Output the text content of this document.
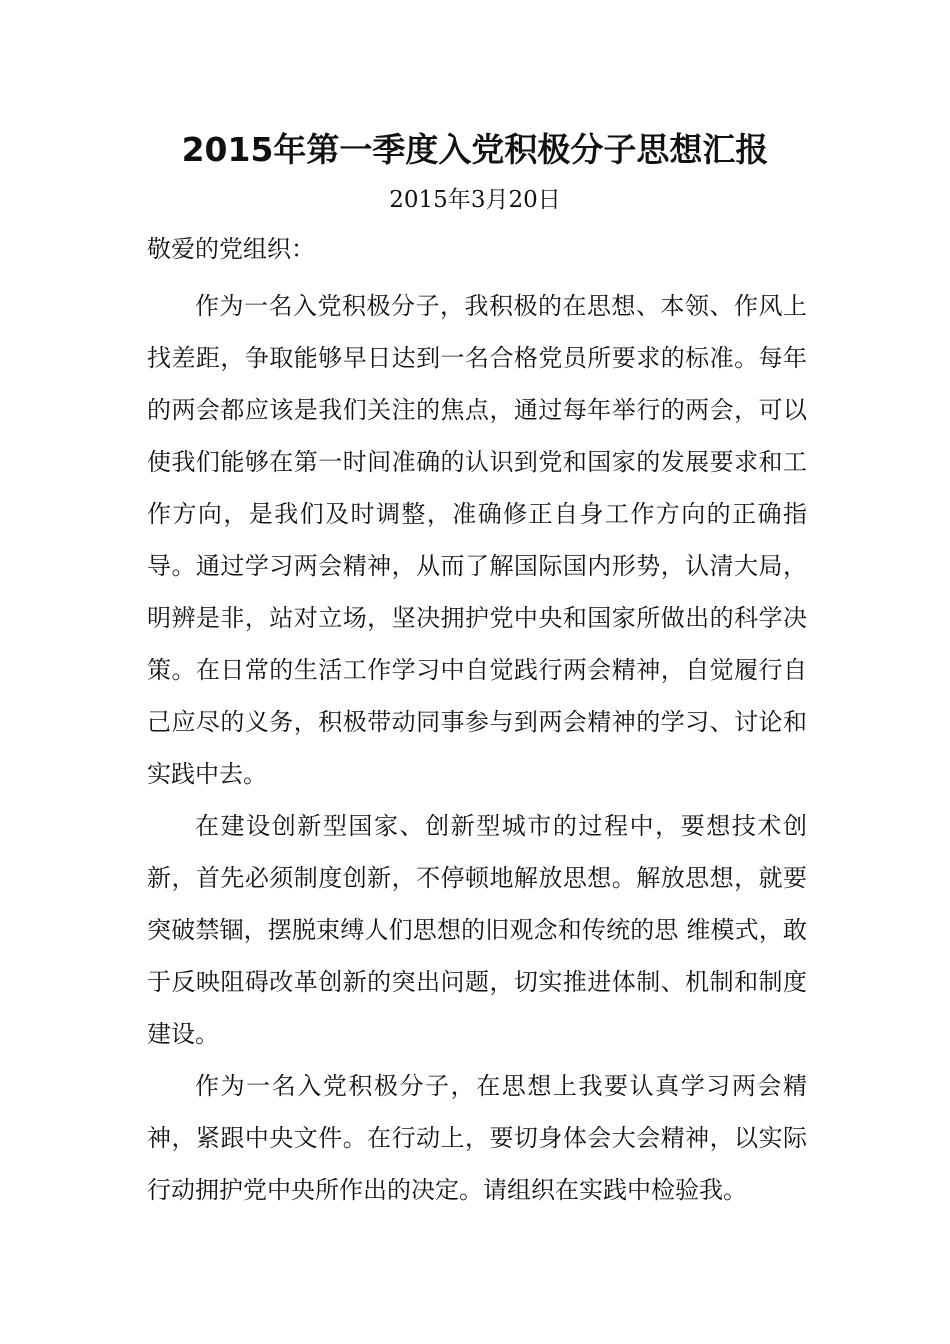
2015年第一季度入党积极分子思想汇报
2015年3月20日
敬爱的党组织：

作为一名入党积极分子，我积极的在思想、本领、作风上找差距，争取能够早日达到一名合格党员所要求的标准。每年的两会都应该是我们关注的焦点，通过每年举行的两会，可以使我们能够在第一时间准确的认识到党和国家的发展要求和工作方向，是我们及时调整，准确修正自身工作方向的正确指导。通过学习两会精神，从而了解国际国内形势，认清大局，明辨是非，站对立场，坚决拥护党中央和国家所做出的科学决策。在日常的生活工作学习中自觉践行两会精神，自觉履行自己应尽的义务，积极带动同事参与到两会精神的学习、讨论和实践中去。

在建设创新型国家、创新型城市的过程中，要想技术创新，首先必须制度创新，不停顿地解放思想。解放思想，就要突破禁锢，摆脱束缚人们思想的旧观念和传统的思 维模式，敢于反映阻碍改革创新的突出问题，切实推进体制、机制和制度建设。

作为一名入党积极分子，在思想上我要认真学习两会精神，紧跟中央文件。在行动上，要切身体会大会精神，以实际行动拥护党中央所作出的决定。请组织在实践中检验我。
